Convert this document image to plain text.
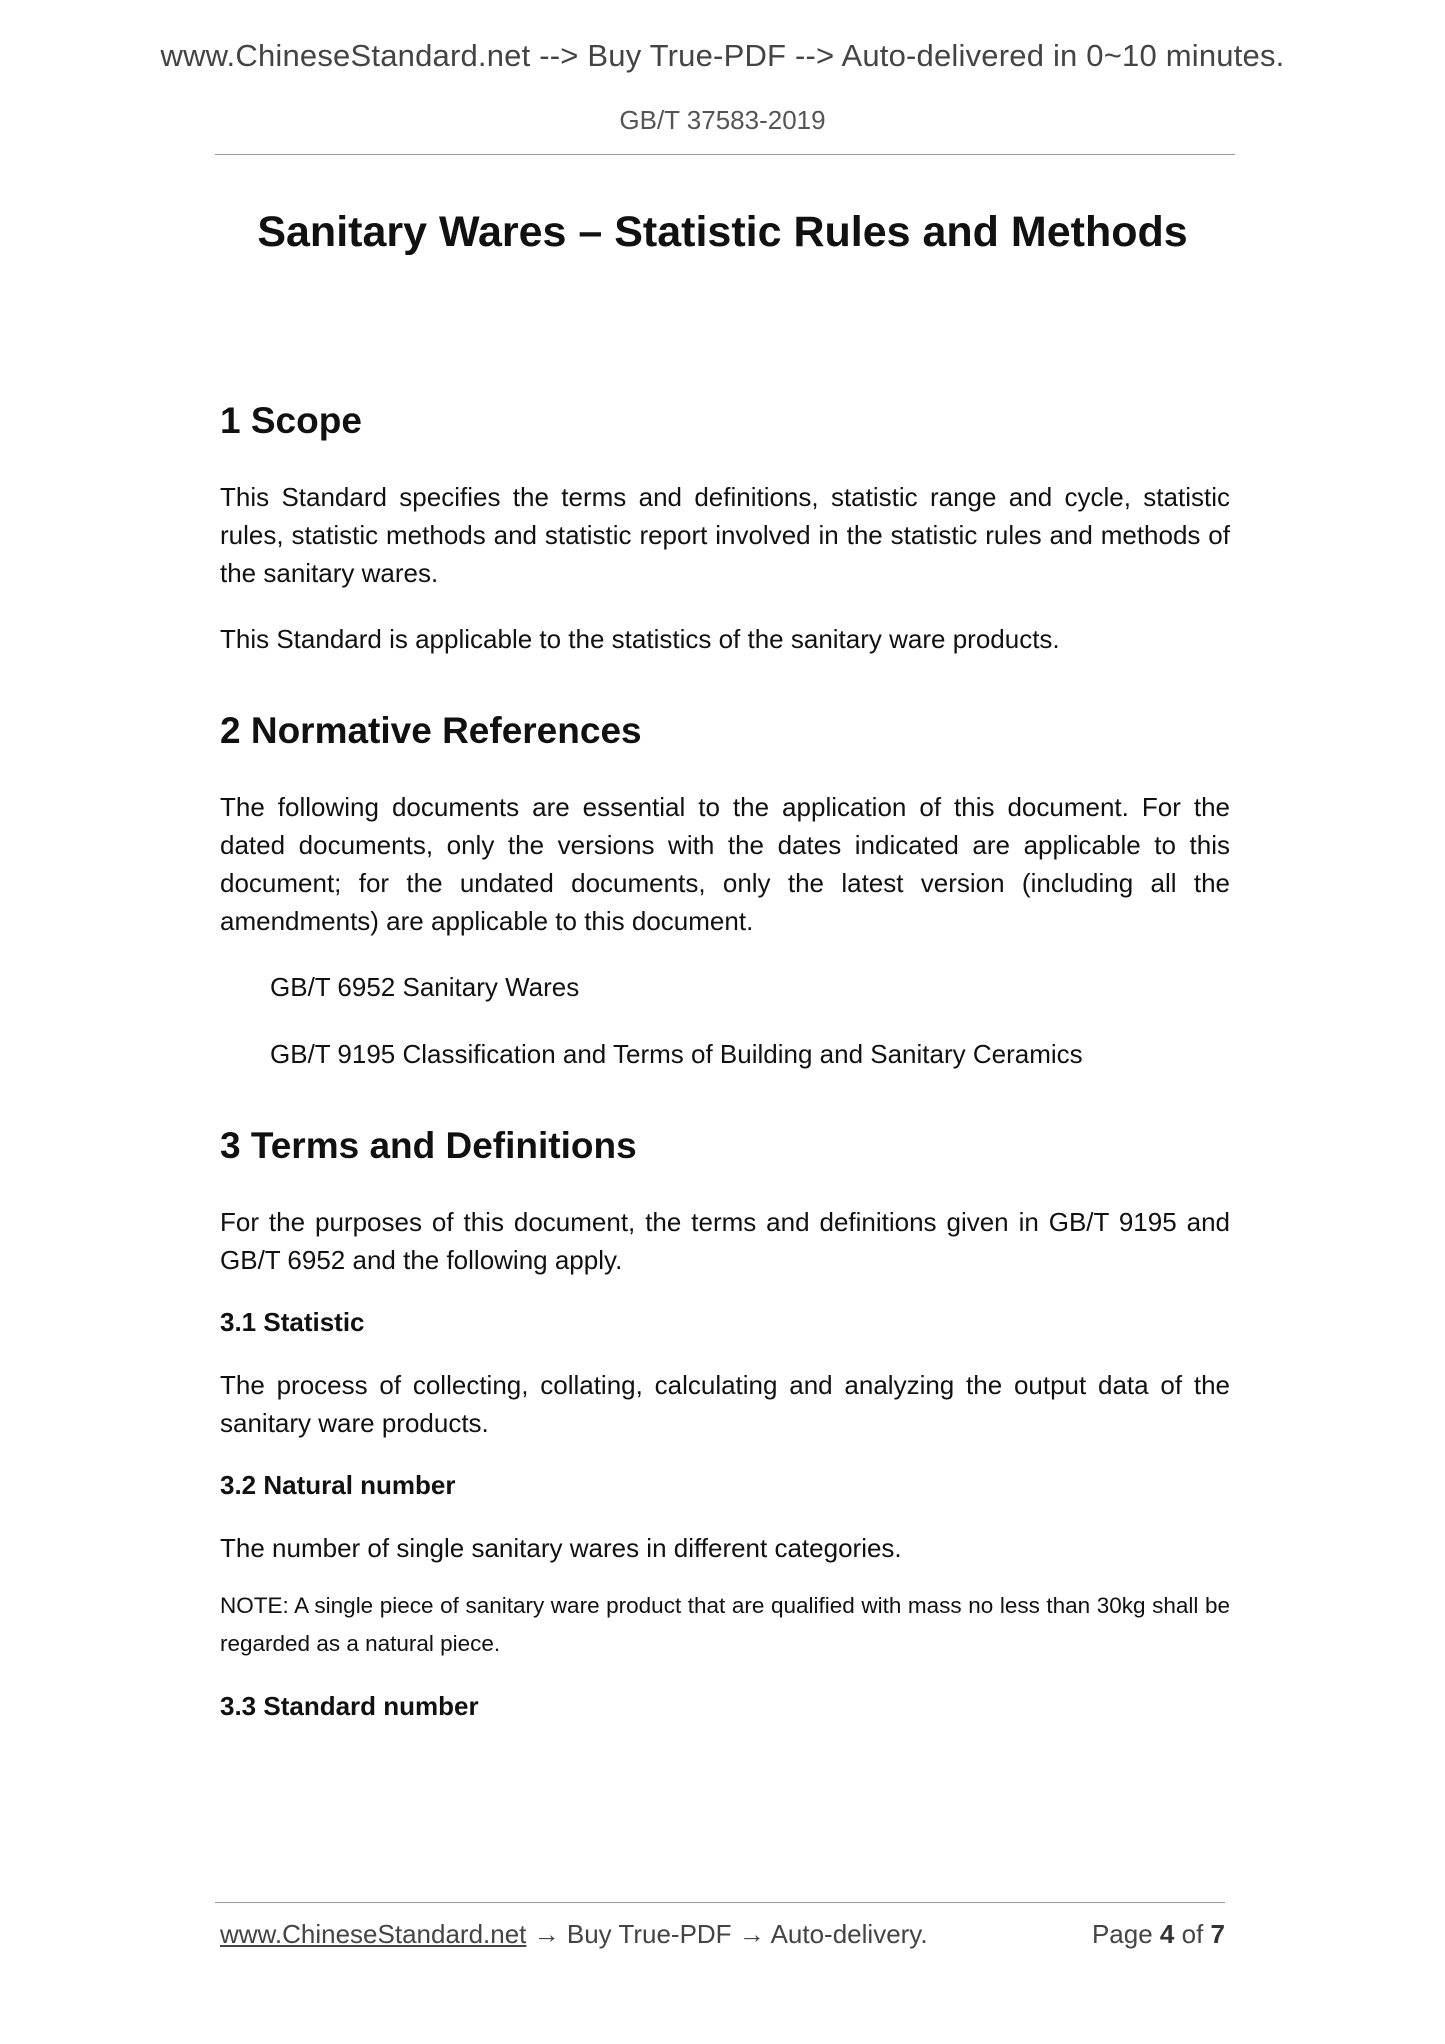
www.ChineseStandard.net --> Buy True-PDF --> Auto-delivered in 0~10 minutes.
GB/T 37583-2019
Sanitary Wares – Statistic Rules and Methods
1 Scope

This Standard specifies the terms and definitions, statistic range and cycle, statistic rules, statistic methods and statistic report involved in the statistic rules and methods of the sanitary wares.

This Standard is applicable to the statistics of the sanitary ware products.

2 Normative References

The following documents are essential to the application of this document. For the dated documents, only the versions with the dates indicated are applicable to this document; for the undated documents, only the latest version (including all the amendments) are applicable to this document.

GB/T 6952 Sanitary Wares

GB/T 9195 Classification and Terms of Building and Sanitary Ceramics

3 Terms and Definitions

For the purposes of this document, the terms and definitions given in GB/T 9195 and GB/T 6952 and the following apply.

3.1 Statistic

The process of collecting, collating, calculating and analyzing the output data of the sanitary ware products.

3.2 Natural number

The number of single sanitary wares in different categories.

NOTE: A single piece of sanitary ware product that are qualified with mass no less than 30kg shall be regarded as a natural piece.

3.3 Standard number
www.ChineseStandard.net → Buy True-PDF → Auto-delivery.	Page 4 of 7
